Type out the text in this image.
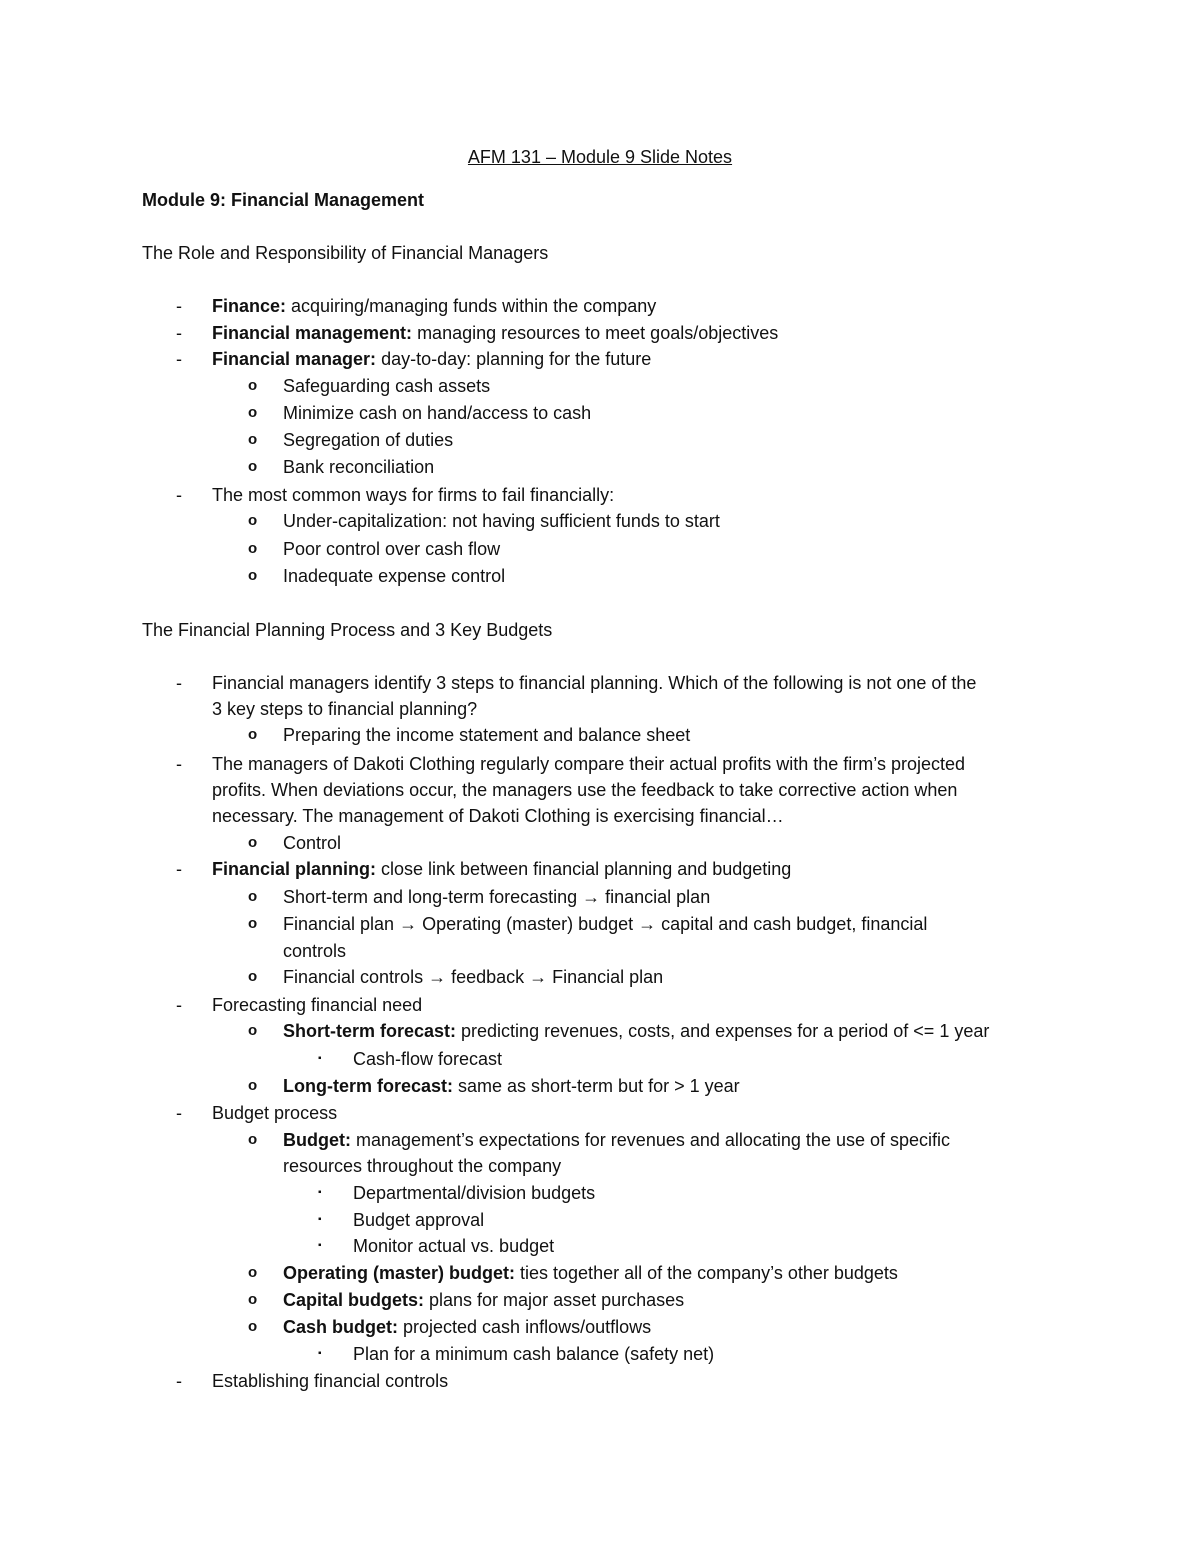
AFM 131 – Module 9 Slide Notes
Module 9: Financial Management
The Role and Responsibility of Financial Managers
- Finance: acquiring/managing funds within the company
- Financial management: managing resources to meet goals/objectives
- Financial manager: day-to-day: planning for the future
o Safeguarding cash assets
o Minimize cash on hand/access to cash
o Segregation of duties
o Bank reconciliation
- The most common ways for firms to fail financially:
o Under-capitalization: not having sufficient funds to start
o Poor control over cash flow
o Inadequate expense control
The Financial Planning Process and 3 Key Budgets
- Financial managers identify 3 steps to financial planning. Which of the following is not one of the
3 key steps to financial planning?
o Preparing the income statement and balance sheet
- The managers of Dakoti Clothing regularly compare their actual profits with the firm’s projected
profits. When deviations occur, the managers use the feedback to take corrective action when
necessary. The management of Dakoti Clothing is exercising financial…
o Control
- Financial planning: close link between financial planning and budgeting
o Short-term and long-term forecasting → financial plan
o Financial plan → Operating (master) budget → capital and cash budget, financial
controls
o Financial controls → feedback → Financial plan
- Forecasting financial need
o Short-term forecast: predicting revenues, costs, and expenses for a period of <= 1 year
▪ Cash-flow forecast
o Long-term forecast: same as short-term but for > 1 year
- Budget process
o Budget: management’s expectations for revenues and allocating the use of specific
resources throughout the company
▪ Departmental/division budgets
▪ Budget approval
▪ Monitor actual vs. budget
o Operating (master) budget: ties together all of the company’s other budgets
o Capital budgets: plans for major asset purchases
o Cash budget: projected cash inflows/outflows
▪ Plan for a minimum cash balance (safety net)
- Establishing financial controls
